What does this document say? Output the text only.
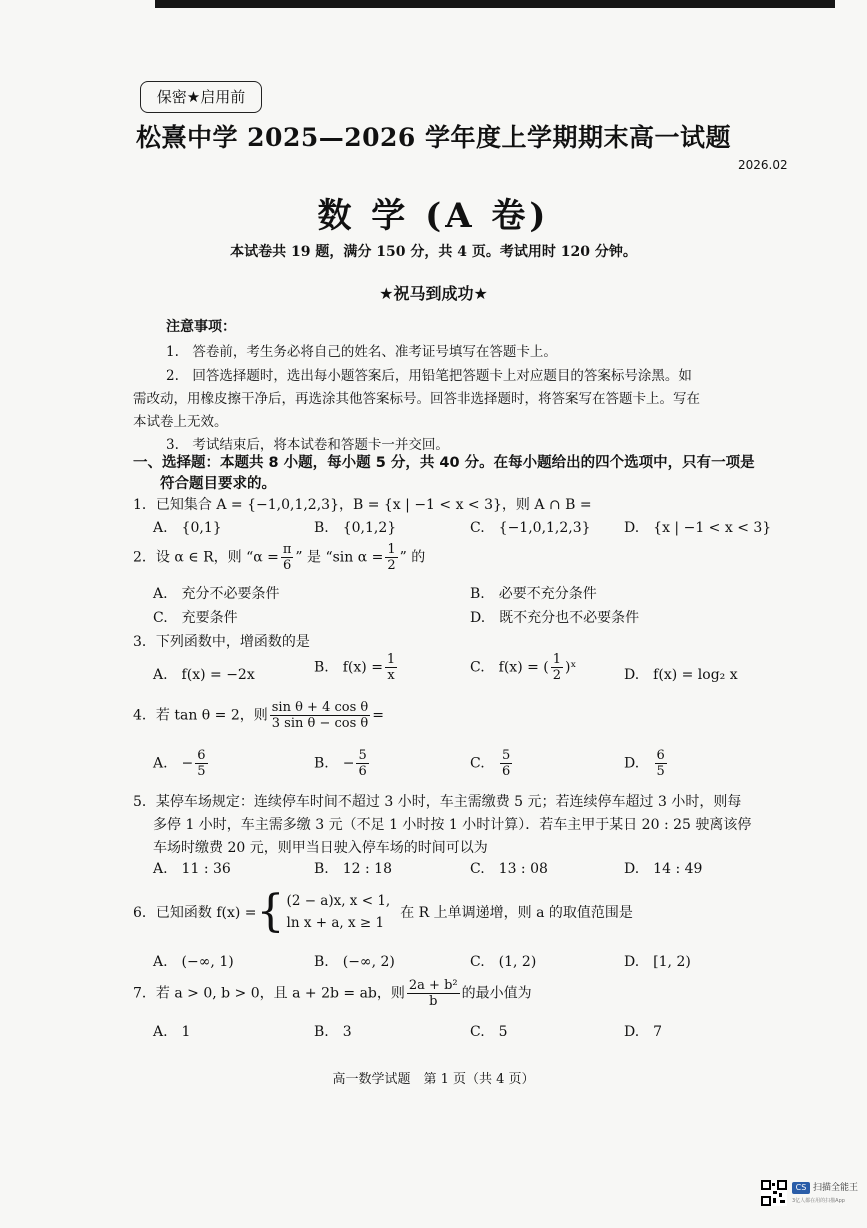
保密★启用前
松熹中学 2025—2026 学年度上学期期末高一试题
2026.02
数 学 (A 卷)
本试卷共 19 题，满分 150 分，共 4 页。考试用时 120 分钟。
★祝马到成功★
注意事项：
1.　答卷前，考生务必将自己的姓名、准考证号填写在答题卡上。
2.　回答选择题时，选出每小题答案后，用铅笔把答题卡上对应题目的答案标号涂黑。如
需改动，用橡皮擦干净后，再选涂其他答案标号。回答非选择题时，将答案写在答题卡上。写在
本试卷上无效。
3.　考试结束后，将本试卷和答题卡一并交回。
一、选择题：本题共 8 小题，每小题 5 分，共 40 分。在每小题给出的四个选项中，只有一项是
符合题目要求的。
1．已知集合 A = {−1,0,1,2,3}，B = {x | −1 < x < 3}，则 A ∩ B =
A.　{0,1}	B.　{0,1,2}	C.　{−1,0,1,2,3} D.　{x | −1 < x < 3}
2．设 α ∈ R，则 “$\alpha = \frac{\pi}{6}$ ” 是 “sin $\alpha = \frac{1}{2}$ ” 的
A.　充分不必要条件	B.　必要不充分条件
C.　充要条件	D.　既不充分也不必要条件
3．下列函数中，增函数的是
A.　f(x) = −2x	B.　$f(x) = \frac{1}{x}$	C.　f(x) = ( $\frac{1}{2}$ )ˣ	D.　f(x) = log₂ x
4．若 tan θ = 2，则 $\frac{\text{sin θ + 4 cos θ}}{\text{3 sin θ − cos θ}}$ =
A.　− $\frac{6}{5}$	B.　− $\frac{5}{6}$	C. $\frac{5}{6}$	D. $\frac{6}{5}$
5．某停车场规定：连续停车时间不超过 3 小时，车主需缴费 5 元；若连续停车超过 3 小时，则每
多停 1 小时，车主需多缴 3 元（不足 1 小时按 1 小时计算）．若车主甲于某日 20 : 25 驶离该停
车场时缴费 20 元，则甲当日驶入停车场的时间可以为
A.　11 : 36	B.　12 : 18	C.　13 : 08	D.　14 : 49
6．已知函数 f(x) = { (2 − a)x, x < 1,
ln x + a, x ≥ 1
在 R 上单调递增，则 a 的取值范围是
A.　(−∞, 1)	B.　(−∞, 2)	C.　(1, 2)	D.　[1, 2)
7．若 a > 0, b > 0，且 a + 2b = ab，则 $\frac{\text{2a + b²}}{b}$ 的最小值为
A.　1	B.　3	C.　5	D.　7
高一数学试题　第 1 页（共 4 页）
CS 扫描全能王
3亿人都在用的扫描App
